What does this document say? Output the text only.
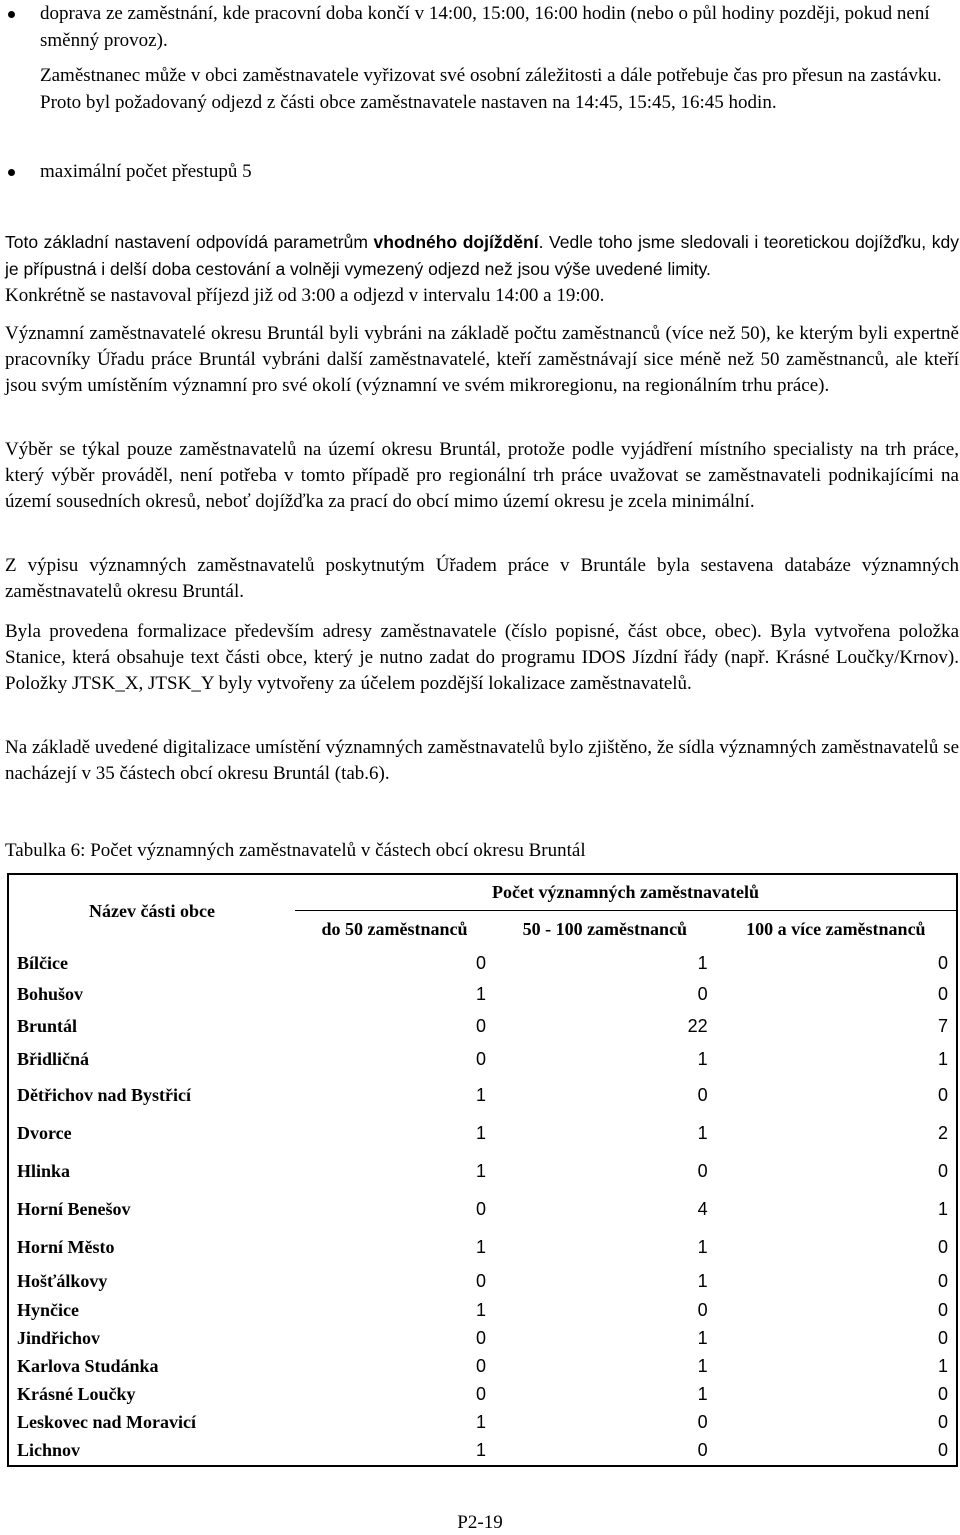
doprava ze zaměstnání, kde pracovní doba končí v 14:00, 15:00, 16:00 hodin (nebo o půl hodiny později, pokud není směnný provoz).
Zaměstnanec může v obci zaměstnavatele vyřizovat své osobní záležitosti a dále potřebuje čas pro přesun na zastávku. Proto byl požadovaný odjezd z části obce zaměstnavatele nastaven na 14:45, 15:45, 16:45 hodin.
maximální počet přestupů 5
Toto základní nastavení odpovídá parametrům vhodného dojíždění. Vedle toho jsme sledovali i teoretickou dojížďku, kdy je přípustná i delší doba cestování a volněji vymezený odjezd než jsou výše uvedené limity.
Konkrétně se nastavoval příjezd již od 3:00 a odjezd v intervalu 14:00 a 19:00.
Významní zaměstnavatelé okresu Bruntál byli vybráni na základě počtu zaměstnanců (více než 50), ke kterým byli expertně pracovníky Úřadu práce Bruntál vybráni další zaměstnavatelé, kteří zaměstnávají sice méně než 50 zaměstnanců, ale kteří jsou svým umístěním významní pro své okolí (významní ve svém mikroregionu, na regionálním trhu práce).
Výběr se týkal pouze zaměstnavatelů na území okresu Bruntál, protože podle vyjádření místního specialisty na trh práce, který výběr prováděl, není potřeba v tomto případě pro regionální trh práce uvažovat se zaměstnavateli podnikajícími na území sousedních okresů, neboť dojížďka za prací do obcí mimo území okresu je zcela minimální.
Z výpisu významných zaměstnavatelů poskytnutým Úřadem práce v Bruntále byla sestavena databáze významných zaměstnavatelů okresu Bruntál.
Byla provedena formalizace především adresy zaměstnavatele (číslo popisné, část obce, obec). Byla vytvořena položka Stanice, která obsahuje text části obce, který je nutno zadat do programu IDOS Jízdní řády (např. Krásné Loučky/Krnov). Položky JTSK_X, JTSK_Y byly vytvořeny za účelem pozdější lokalizace zaměstnavatelů.
Na základě uvedené digitalizace umístění významných zaměstnavatelů bylo zjištěno, že sídla významných zaměstnavatelů se nacházejí v 35 částech obcí okresu Bruntál (tab.6).
Tabulka 6: Počet významných zaměstnavatelů v částech obcí okresu Bruntál
Název části obce	Počet významných zaměstnavatelů		
	do 50 zaměstnanců	50 - 100 zaměstnanců	100 a více zaměstnanců
Bílčice	0	1	0
Bohušov	1	0	0
Bruntál	0	22	7
Břidličná	0	1	1
Dětřichov nad Bystřicí	1	0	0
Dvorce	1	1	2
Hlinka	1	0	0
Horní Benešov	0	4	1
Horní Město	1	1	0
Hošťálkovy	0	1	0
Hynčice	1	0	0
Jindřichov	0	1	0
Karlova Studánka	0	1	1
Krásné Loučky	0	1	0
Leskovec nad Moravicí	1	0	0
Lichnov	1	0	0
P2-19
